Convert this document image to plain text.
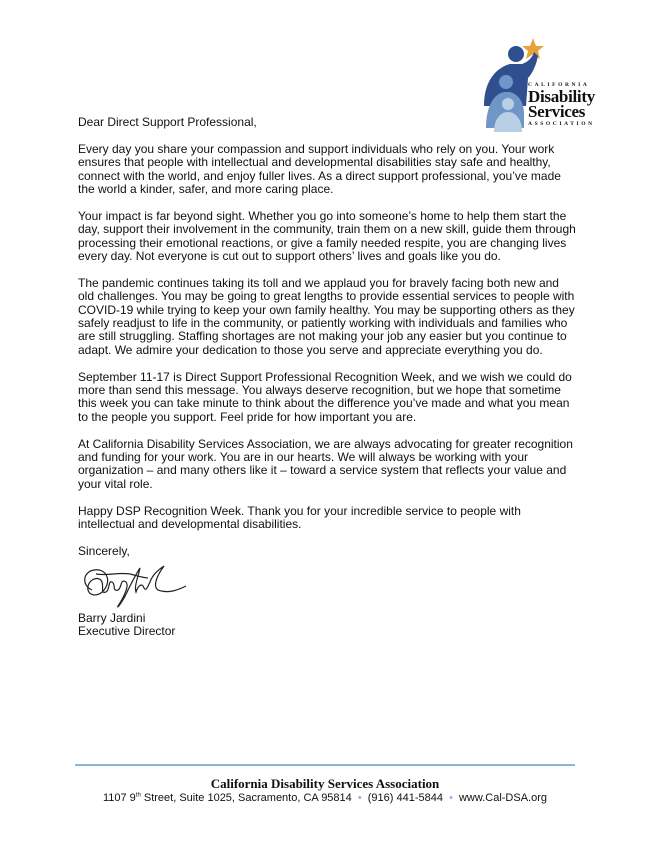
CALIFORNIA
Disability
Services
ASSOCIATION
Dear Direct Support Professional,

Every day you share your compassion and support individuals who rely on you. Your work ensures that people with intellectual and developmental disabilities stay safe and healthy, connect with the world, and enjoy fuller lives. As a direct support professional, you’ve made the world a kinder, safer, and more caring place.

Your impact is far beyond sight. Whether you go into someone’s home to help them start the day, support their involvement in the community, train them on a new skill, guide them through processing their emotional reactions, or give a family needed respite, you are changing lives every day. Not everyone is cut out to support others’ lives and goals like you do.

The pandemic continues taking its toll and we applaud you for bravely facing both new and old challenges. You may be going to great lengths to provide essential services to people with COVID-19 while trying to keep your own family healthy. You may be supporting others as they safely readjust to life in the community, or patiently working with individuals and families who are still struggling. Staffing shortages are not making your job any easier but you continue to adapt. We admire your dedication to those you serve and appreciate everything you do.

September 11-17 is Direct Support Professional Recognition Week, and we wish we could do more than send this message. You always deserve recognition, but we hope that sometime this week you can take minute to think about the difference you’ve made and what you mean to the people you support. Feel pride for how important you are.

At California Disability Services Association, we are always advocating for greater recognition and funding for your work. You are in our hearts. We will always be working with your organization – and many others like it – toward a service system that reflects your value and your vital role.

Happy DSP Recognition Week. Thank you for your incredible service to people with intellectual and developmental disabilities.

Sincerely,
Barry Jardini
Executive Director
California Disability Services Association
1107 9th Street, Suite 1025, Sacramento, CA 95814 • (916) 441-5844 • www.Cal-DSA.org
